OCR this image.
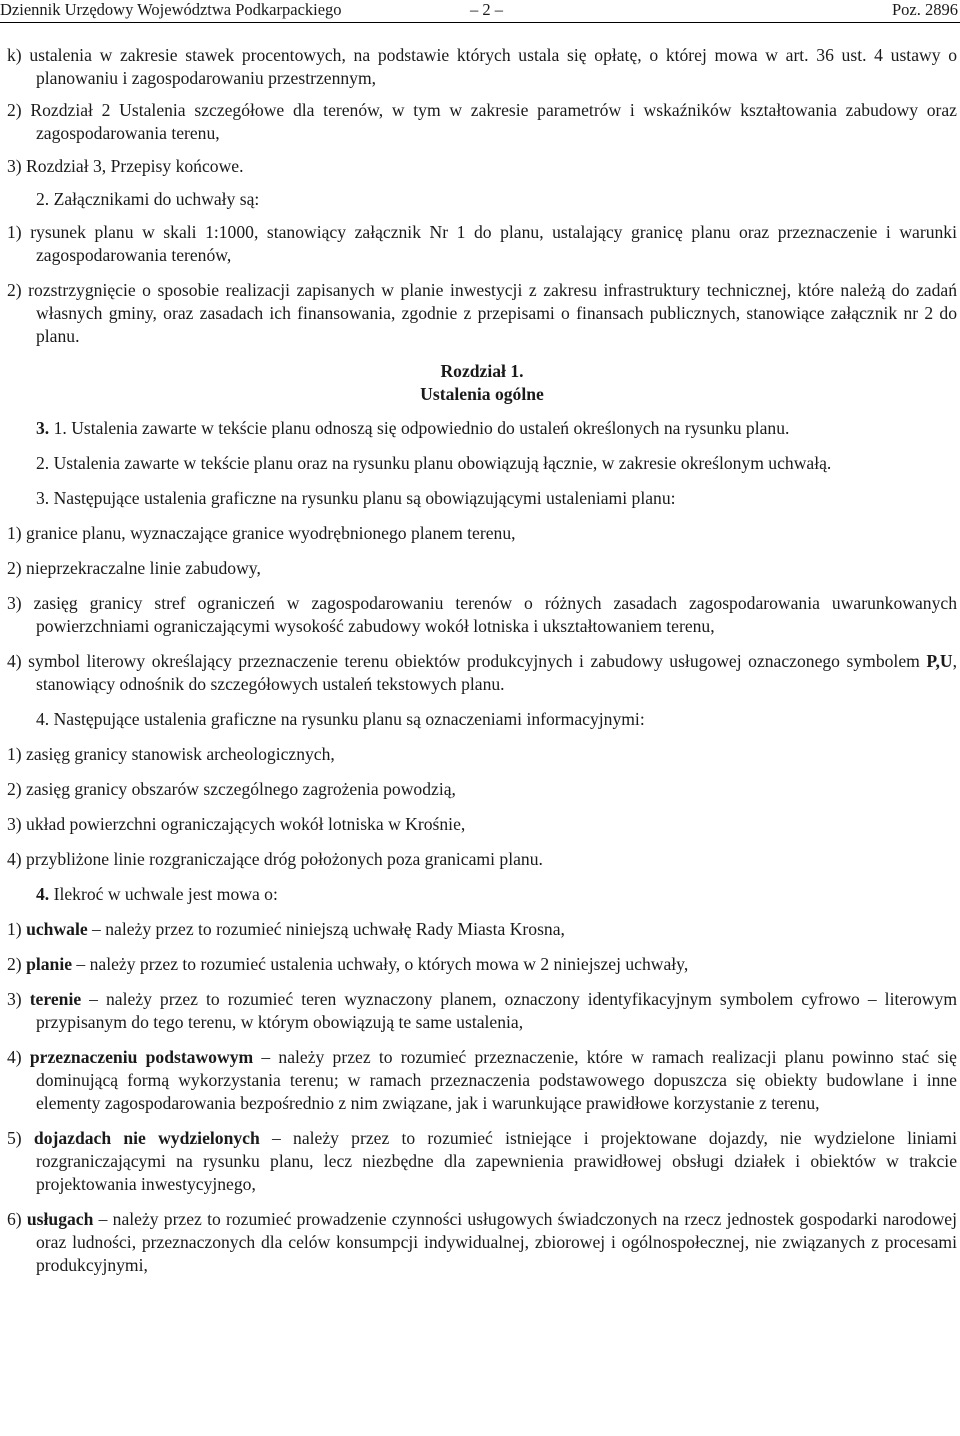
Dziennik Urzędowy Województwa Podkarpackiego	– 2 –	Poz. 2896

k) ustalenia w zakresie stawek procentowych, na podstawie których ustala się opłatę, o której mowa w art. 36 ust. 4 ustawy o planowaniu i zagospodarowaniu przestrzennym,

2) Rozdział 2 Ustalenia szczegółowe dla terenów, w tym w zakresie parametrów i wskaźników kształtowania zabudowy oraz zagospodarowania terenu,

3) Rozdział 3, Przepisy końcowe.

2. Załącznikami do uchwały są:

1) rysunek planu w skali 1:1000, stanowiący załącznik Nr 1 do planu, ustalający granicę planu oraz przeznaczenie i warunki zagospodarowania terenów,

2) rozstrzygnięcie o sposobie realizacji zapisanych w planie inwestycji z zakresu infrastruktury technicznej, które należą do zadań własnych gminy, oraz zasadach ich finansowania, zgodnie z przepisami o finansach publicznych, stanowiące załącznik nr 2 do planu.

Rozdział 1.

Ustalenia ogólne

3. 1. Ustalenia zawarte w tekście planu odnoszą się odpowiednio do ustaleń określonych na rysunku planu.

2. Ustalenia zawarte w tekście planu oraz na rysunku planu obowiązują łącznie, w zakresie określonym uchwałą.

3. Następujące ustalenia graficzne na rysunku planu są obowiązującymi ustaleniami planu:

1) granice planu, wyznaczające granice wyodrębnionego planem terenu,

2) nieprzekraczalne linie zabudowy,

3) zasięg granicy stref ograniczeń w zagospodarowaniu terenów o różnych zasadach zagospodarowania uwarunkowanych powierzchniami ograniczającymi wysokość zabudowy wokół lotniska i ukształtowaniem terenu,

4) symbol literowy określający przeznaczenie terenu obiektów produkcyjnych i zabudowy usługowej oznaczonego symbolem P,U, stanowiący odnośnik do szczegółowych ustaleń tekstowych planu.

4. Następujące ustalenia graficzne na rysunku planu są oznaczeniami informacyjnymi:

1) zasięg granicy stanowisk archeologicznych,

2) zasięg granicy obszarów szczególnego zagrożenia powodzią,

3) układ powierzchni ograniczających wokół lotniska w Krośnie,

4) przybliżone linie rozgraniczające dróg położonych poza granicami planu.

4. Ilekroć w uchwale jest mowa o:

1) uchwale – należy przez to rozumieć niniejszą uchwałę Rady Miasta Krosna,

2) planie – należy przez to rozumieć ustalenia uchwały, o których mowa w 2 niniejszej uchwały,

3) terenie – należy przez to rozumieć teren wyznaczony planem, oznaczony identyfikacyjnym symbolem cyfrowo – literowym przypisanym do tego terenu, w którym obowiązują te same ustalenia,

4) przeznaczeniu podstawowym – należy przez to rozumieć przeznaczenie, które w ramach realizacji planu powinno stać się dominującą formą wykorzystania terenu; w ramach przeznaczenia podstawowego dopuszcza się obiekty budowlane i inne elementy zagospodarowania bezpośrednio z nim związane, jak i warunkujące prawidłowe korzystanie z terenu,

5) dojazdach nie wydzielonych – należy przez to rozumieć istniejące i projektowane dojazdy, nie wydzielone liniami rozgraniczającymi na rysunku planu, lecz niezbędne dla zapewnienia prawidłowej obsługi działek i obiektów w trakcie projektowania inwestycyjnego,

6) usługach – należy przez to rozumieć prowadzenie czynności usługowych świadczonych na rzecz jednostek gospodarki narodowej oraz ludności, przeznaczonych dla celów konsumpcji indywidualnej, zbiorowej i ogólnospołecznej, nie związanych z procesami produkcyjnymi,
